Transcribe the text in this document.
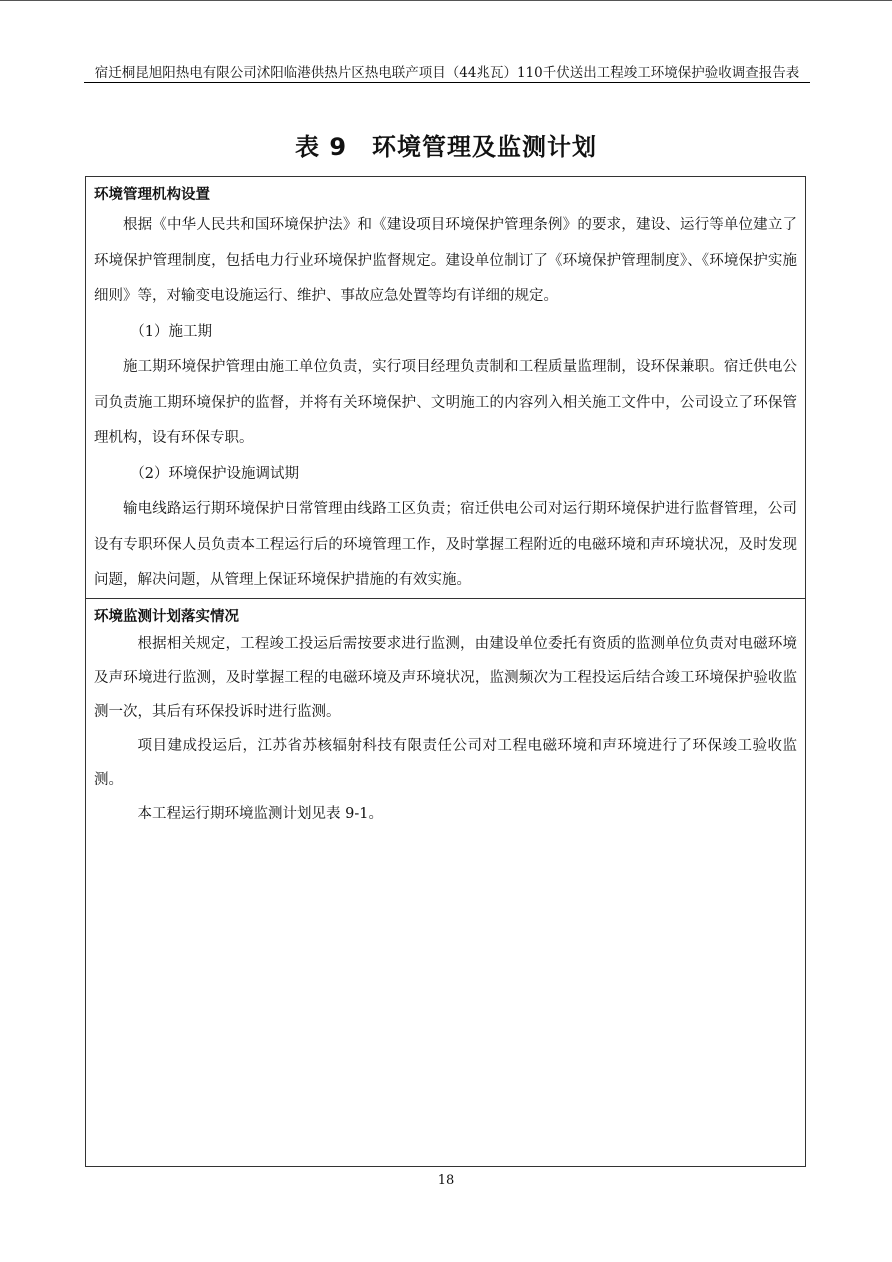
宿迁桐昆旭阳热电有限公司沭阳临港供热片区热电联产项目（44兆瓦）110千伏送出工程竣工环境保护验收调查报告表
表 9　环境管理及监测计划

环境管理机构设置

根据《中华人民共和国环境保护法》和《建设项目环境保护管理条例》的要求，建设、运行等单位建立了环境保护管理制度，包括电力行业环境保护监督规定。建设单位制订了《环境保护管理制度》、《环境保护实施细则》等，对输变电设施运行、维护、事故应急处置等均有详细的规定。

（1）施工期

施工期环境保护管理由施工单位负责，实行项目经理负责制和工程质量监理制，设环保兼职。宿迁供电公司负责施工期环境保护的监督，并将有关环境保护、文明施工的内容列入相关施工文件中，公司设立了环保管理机构，设有环保专职。

（2）环境保护设施调试期

输电线路运行期环境保护日常管理由线路工区负责；宿迁供电公司对运行期环境保护进行监督管理，公司设有专职环保人员负责本工程运行后的环境管理工作，及时掌握工程附近的电磁环境和声环境状况，及时发现问题，解决问题，从管理上保证环境保护措施的有效实施。

环境监测计划落实情况

根据相关规定，工程竣工投运后需按要求进行监测，由建设单位委托有资质的监测单位负责对电磁环境及声环境进行监测，及时掌握工程的电磁环境及声环境状况，监测频次为工程投运后结合竣工环境保护验收监测一次，其后有环保投诉时进行监测。

项目建成投运后，江苏省苏核辐射科技有限责任公司对工程电磁环境和声环境进行了环保竣工验收监测。

本工程运行期环境监测计划见表 9-1。

18
